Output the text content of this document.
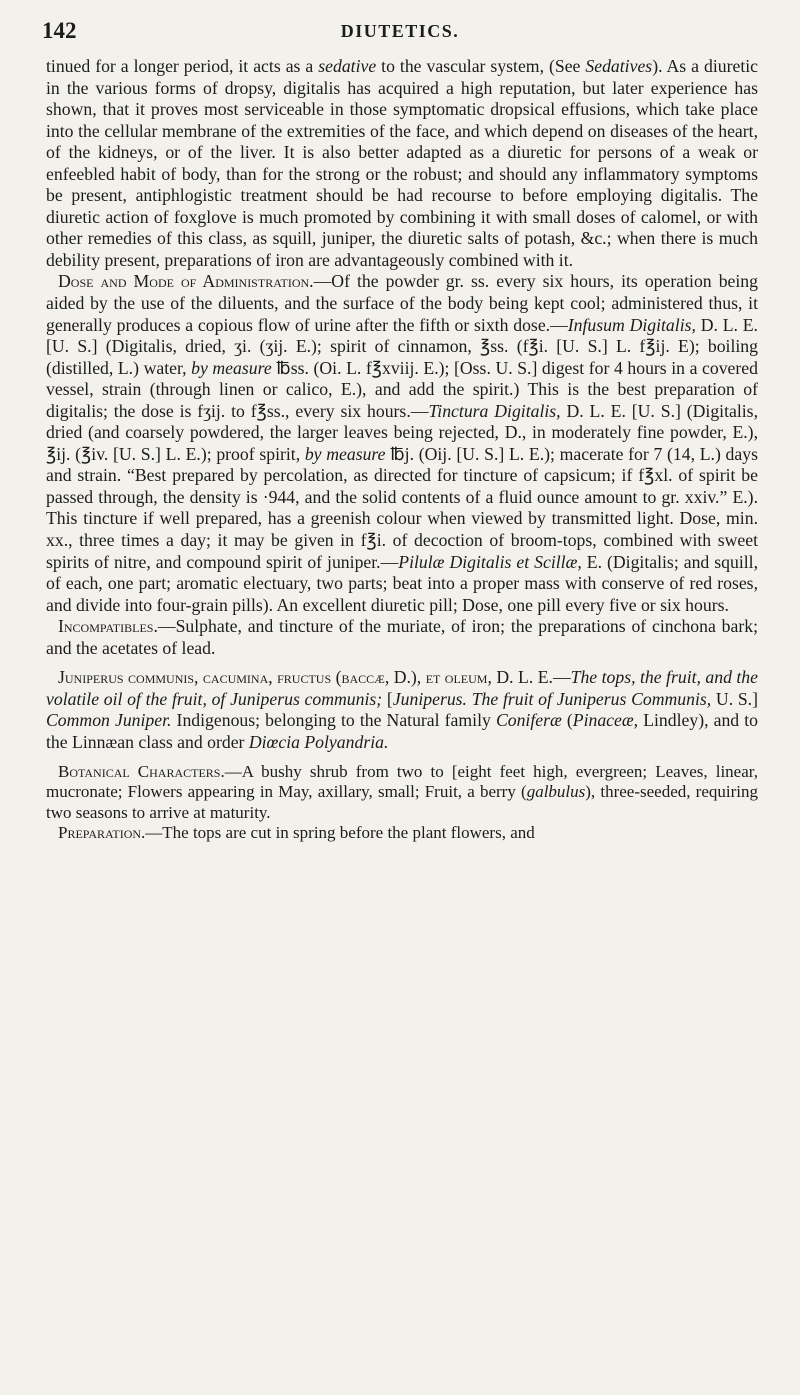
142	DIUTETICS.

tinued for a longer period, it acts as a sedative to the vascular system, (See Sedatives). As a diuretic in the various forms of dropsy, digitalis has acquired a high reputation, but later experience has shown, that it proves most serviceable in those symptomatic dropsical effusions, which take place into the cellular membrane of the extremities of the face, and which depend on diseases of the heart, of the kidneys, or of the liver. It is also better adapted as a diuretic for persons of a weak or enfeebled habit of body, than for the strong or the robust; and should any inflammatory symptoms be present, antiphlogistic treatment should be had recourse to before employing digitalis. The diuretic action of foxglove is much promoted by combining it with small doses of calomel, or with other remedies of this class, as squill, juniper, the diuretic salts of potash, &c.; when there is much debility present, preparations of iron are advantageously combined with it.

Dose and Mode of Administration.—Of the powder gr. ss. every six hours, its operation being aided by the use of the diluents, and the surface of the body being kept cool; administered thus, it generally produces a copious flow of urine after the fifth or sixth dose.—Infusum Digitalis, D. L. E. [U. S.] (Digitalis, dried, ʒi. (ʒij. E.); spirit of cinnamon, ℥ss. (f℥i. [U. S.] L. f℥ij. E); boiling (distilled, L.) water, by measure ℔ss. (Oi. L. f℥xviij. E.); [Oss. U. S.] digest for 4 hours in a covered vessel, strain (through linen or calico, E.), and add the spirit.) This is the best preparation of digitalis; the dose is fʒij. to f℥ss., every six hours.—Tinctura Digitalis, D. L. E. [U. S.] (Digitalis, dried (and coarsely powdered, the larger leaves being rejected, D., in moderately fine powder, E.), ℥ij. (℥iv. [U. S.] L. E.); proof spirit, by measure ℔j. (Oij. [U. S.] L. E.); macerate for 7 (14, L.) days and strain. “Best prepared by percolation, as directed for tincture of capsicum; if f℥xl. of spirit be passed through, the density is ·944, and the solid contents of a fluid ounce amount to gr. xxiv.” E.). This tincture if well prepared, has a greenish colour when viewed by transmitted light. Dose, min. xx., three times a day; it may be given in f℥i. of decoction of broom-tops, combined with sweet spirits of nitre, and compound spirit of juniper.—Pilulæ Digitalis et Scillæ, E. (Digitalis; and squill, of each, one part; aromatic electuary, two parts; beat into a proper mass with conserve of red roses, and divide into four-grain pills). An excellent diuretic pill; Dose, one pill every five or six hours.

Incompatibles.—Sulphate, and tincture of the muriate, of iron; the preparations of cinchona bark; and the acetates of lead.

Juniperus communis, cacumina, fructus (baccæ, D.), et oleum, D. L. E.—The tops, the fruit, and the volatile oil of the fruit, of Juniperus communis; [Juniperus. The fruit of Juniperus Communis, U. S.] Common Juniper. Indigenous; belonging to the Natural family Coniferæ (Pinaceæ, Lindley), and to the Linnæan class and order Diœcia Polyandria.

Botanical Characters.—A bushy shrub from two to [eight feet high, evergreen; Leaves, linear, mucronate; Flowers appearing in May, axillary, small; Fruit, a berry (galbulus), three-seeded, requiring two seasons to arrive at maturity.

Preparation.—The tops are cut in spring before the plant flowers, and
